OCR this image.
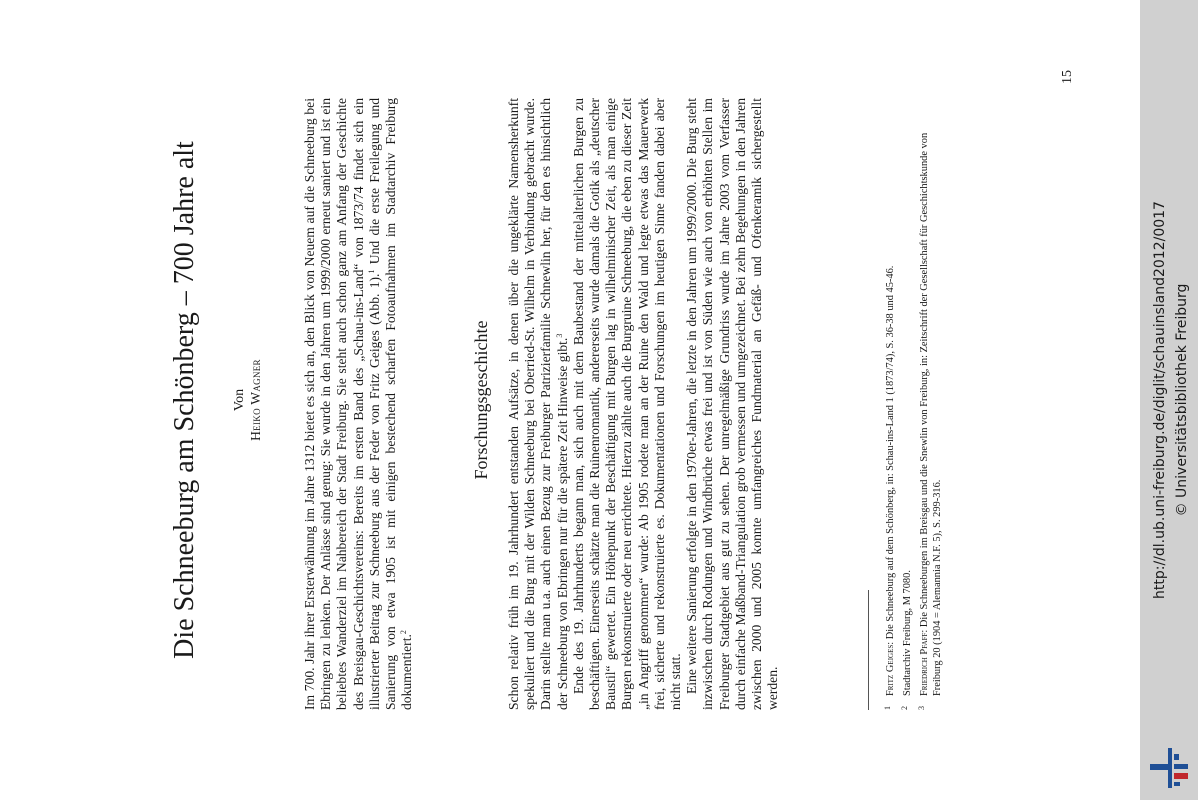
Die Schneeburg am Schönberg – 700 Jahre alt Von
Heiko Wagner	Im 700. Jahr ihrer Ersterwähnung im Jahre 1312 bietet es sich an, den Blick von Neuem auf die Schneeburg bei Ebringen zu lenken. Der Anlässe sind genug: Sie wurde in den Jahren um 1999/2000 erneut saniert und ist ein beliebtes Wanderziel im Nahbereich der Stadt Freiburg. Sie steht auch schon ganz am Anfang der Geschichte des Breisgau-Geschichtsvereins: Bereits im ersten Band des „Schau-ins-Land“ von 1873/74 findet sich ein illustrierter Beitrag zur Schneeburg aus der Feder von Fritz Geiges (Abb. 1).$^1$ Und die erste Freilegung und Sanierung von etwa 1905 ist mit einigen bestechend scharfen Fotoaufnahmen im Stadtarchiv Freiburg dokumentiert.$^2$

Forschungsgeschichte Schon relativ früh im 19. Jahrhundert entstanden Aufsätze, in denen über die ungeklärte Namensherkunft spekuliert und die Burg mit der Wilden Schneeburg bei Oberried-St. Wilhelm in Verbindung gebracht wurde. Darin stellte man u.a. auch einen Bezug zur Freiburger Patrizierfamilie Schnewlin her, für den es hinsichtlich der Schneeburg von Ebringen nur für die spätere Zeit Hinweise gibt.$^3$ Ende des 19. Jahrhunderts begann man, sich auch mit dem Baubestand der mittelalterlichen Burgen zu beschäftigen. Einerseits schätzte man die Ruinenromantik, andererseits wurde damals die Gotik als „deutscher Baustil“ gewertet. Ein Höhepunkt der Beschäftigung mit Burgen lag in wilhelminischer Zeit, als man einige Burgen rekonstruierte oder neu errichtete. Hierzu zählte auch die Burgruine Schneeburg, die eben zu dieser Zeit „in Angriff genommen“ wurde: Ab 1905 rodete man an der Ruine den Wald und legte etwas das Mauerwerk frei, sicherte und rekonstruierte es. Dokumentationen und Forschungen im heutigen Sinne fanden dabei aber nicht statt. Eine weitere Sanierung erfolgte in den 1970er-Jahren, die letzte in den Jahren um 1999/2000. Die Burg steht inzwischen durch Rodungen und Windbrüche etwas frei und ist von Süden wie auch von erhöhten Stellen im Freiburger Stadtgebiet aus gut zu sehen. Der unregelmäßige Grundriss wurde im Jahre 2003 vom Verfasser durch einfache Maßband-Triangulation grob vermessen und umgezeichnet. Bei zehn Begehungen in den Jahren zwischen 2000 und 2005 konnte umfangreiches Fundmaterial an Gefäß- und Ofenkeramik sichergestellt werden.	1Fritz Geiges: Die Schneeburg auf dem Schönberg, in: Schau-ins-Land 1 (1873/74), S. 36-38 und 45-46.

2Stadtarchiv Freiburg, M 7080.

3Friedrich Pfaff: Die Schneeburgen im Breisgau und die Snewlin von Freiburg, in: Zeitschrift der Gesellschaft für Geschichtskunde von Freiburg 20 (1904 = Alemannia N.F. 5), S. 299-316.

15
http://dl.ub.uni-freiburg.de/diglit/schauinsland2012/0017 © Universitätsbibliothek Freiburg
